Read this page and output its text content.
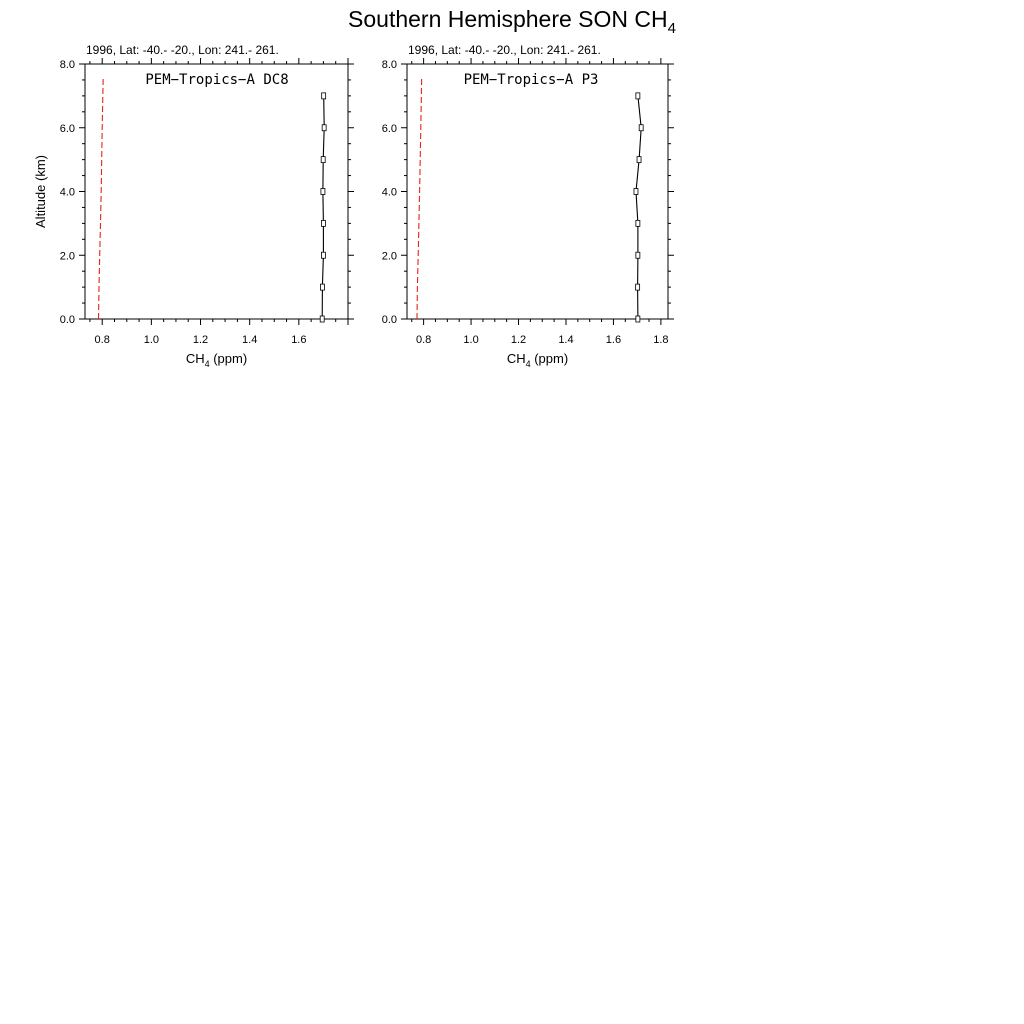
Southern Hemisphere SON $CH_4$
0.0
2.0
4.0
6.0
8.0
0.8	1.0	1.2	1.4	1.6
1996, Lat: -40.- -20., Lon: 241.- 261.
PEM−Tropics−A DC8
$CH_4$ (ppm)
Altitude (km)
0.0
2.0
4.0
6.0
8.0
0.8	1.0	1.2	1.4	1.6	1.8
1996, Lat: -40.- -20., Lon: 241.- 261.
PEM−Tropics−A P3
$CH_4$ (ppm)
